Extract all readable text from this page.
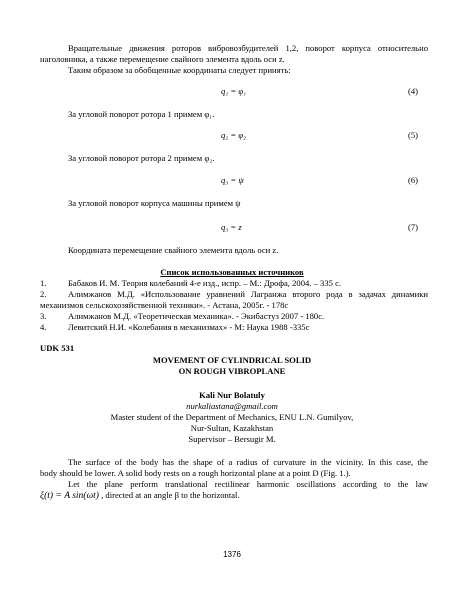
Вращательные движения роторов вибровозбудителей 1,2, поворот корпуса относительно
наголовника, а также перемещение свайного элемента вдоль оси z.
Таким образом за обобщенные координаты следует принять:
q₁ = φ₁	(4)
За угловой поворот ротора 1 примем φ₁.
q₂ = φ₂	(5)
За угловой поворот ротора 2 примем φ₂.
q₃ = ψ	(6)
За угловой поворот корпуса машины примем ψ
q₃ = z	(7)
Координата перемещение свайного элемента вдоль оси z.
Список использованных источников
1.	Бабаков И. М. Теория колебаний 4-е изд., испр. – М.: Дрофа, 2004. – 335 с.
2.	Алимжанов М.Д. «Использование уравнений Лагранжа второго рода в задачах динамики
механизмов сельскохозяйственной техники». - Астана, 2005г. - 178с
3.	Алимжанов М.Д. «Теоретическая механика». - Экибастуз 2007 - 180с.
4.	Левитский Н.И. «Колебания в механизмах» - М: Наука 1988 -335с
UDK 531
MOVEMENT OF CYLINDRICAL SOLID
ON ROUGH VIBROPLANE
Kali Nur Bolatuly
nurkaliastana@gmail.com
Master student of the Department of Mechanics, ENU L.N. Gumilyov,
Nur-Sultan, Kazakhstan
Supervisor – Bersugir M.
The surface of the body has the shape of a radius of curvature in the vicinity. In this case, the
body should be lower. A solid body rests on a rough horizontal plane at a point D (Fig. 1.).
Let the plane perform translational rectilinear harmonic oscillations according to the law
ξ(t) = A sin(ωt) , directed at an angle β to the horizontal.
1376
